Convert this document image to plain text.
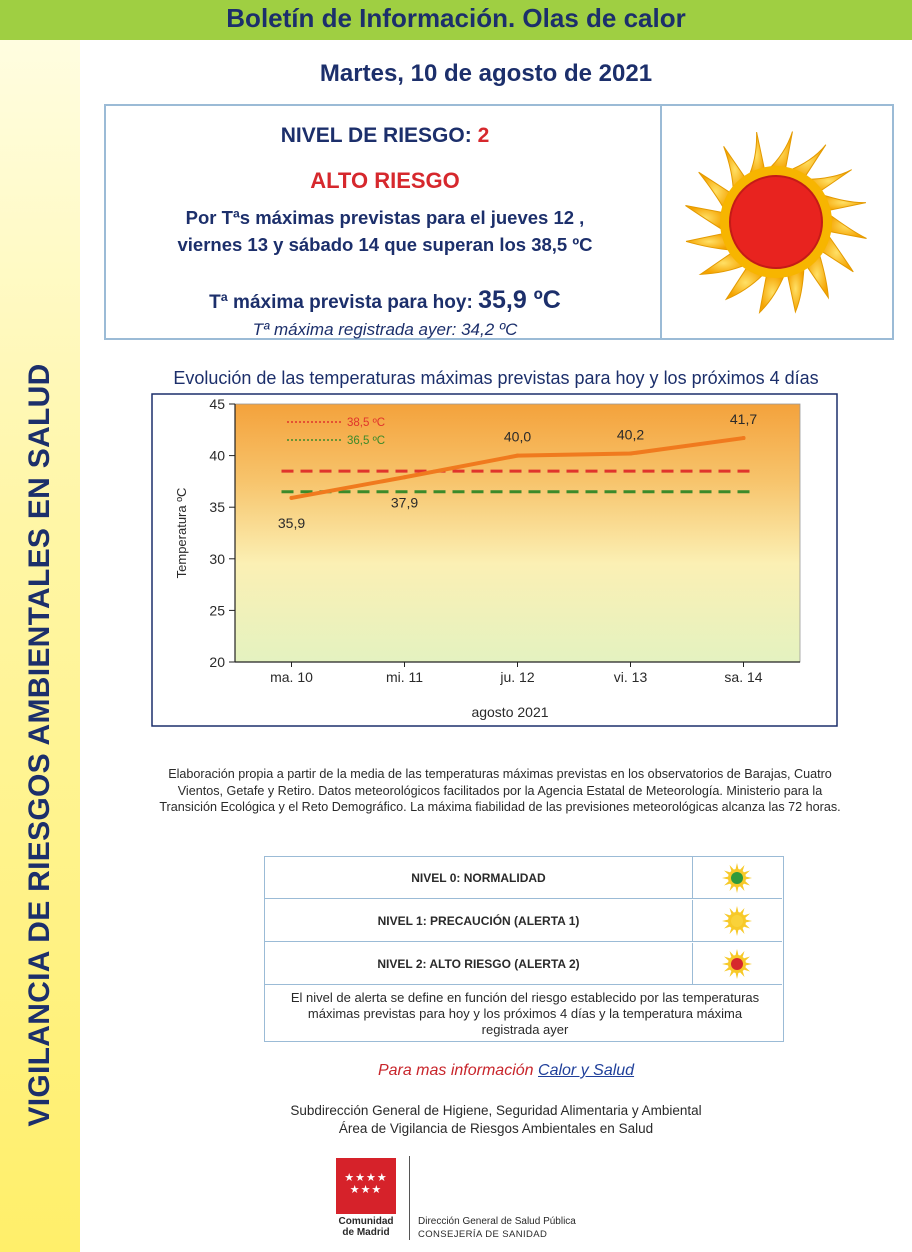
Boletín de Información. Olas de calor
VIGILANCIA DE RIESGOS AMBIENTALES EN SALUD
Martes, 10 de agosto de 2021
NIVEL DE RIESGO: 2
ALTO RIESGO
Por Tªs máximas previstas para el jueves 12 ,
viernes 13 y sábado 14 que superan los 38,5 ºC
Tª máxima prevista para hoy: 35,9 ºC
Tª máxima registrada ayer: 34,2 ºC
Evolución de las temperaturas máximas previstas para hoy y los próximos 4 días
20
25
30
35
40
45
ma. 10	mi. 11	ju. 12	vi. 13	sa. 14
35,9
37,9
40,0	40,2
41,7
38,5 ºC
36,5 ºC
Temperatura ºC
agosto 2021
Elaboración propia a partir de la media de las temperaturas máximas previstas en los observatorios de Barajas, Cuatro Vientos, Getafe y Retiro. Datos meteorológicos facilitados por la Agencia Estatal de Meteorología. Ministerio para la Transición Ecológica y el Reto Demográfico. La máxima fiabilidad de las previsiones meteorológicas alcanza las 72 horas.
NIVEL 0: NORMALIDAD
NIVEL 1: PRECAUCIÓN (ALERTA 1)
NIVEL 2: ALTO RIESGO (ALERTA 2)
El nivel de alerta se define en función del riesgo establecido por las temperaturas máximas previstas para hoy y los próximos 4 días y la temperatura máxima registrada ayer
Para mas información Calor y Salud
Subdirección General de Higiene, Seguridad Alimentaria y Ambiental
Área de Vigilancia de Riesgos Ambientales en Salud
★★★★ ★★★
Comunidad
de Madrid
Dirección General de Salud Pública
CONSEJERÍA DE SANIDAD
